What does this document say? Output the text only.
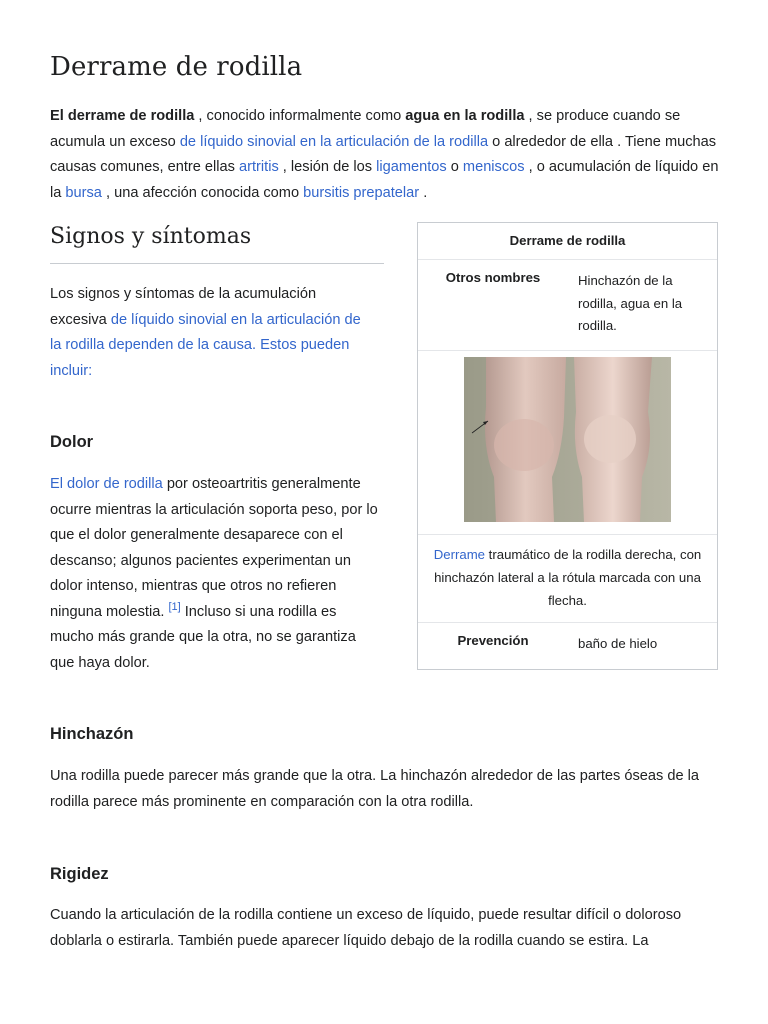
Derrame de rodilla

El derrame de rodilla , conocido informalmente como agua en la rodilla , se produce cuando se acumula un exceso de líquido sinovial en la articulación de la rodilla o alrededor de ella . Tiene muchas causas comunes, entre ellas artritis , lesión de los ligamentos o meniscos , o acumulación de líquido en la bursa , una afección conocida como bursitis prepatelar .

Signos y síntomas

Los signos y síntomas de la acumulación excesiva de líquido sinovial en la articulación de la rodilla dependen de la causa. Estos pueden incluir:

Dolor

El dolor de rodilla por osteoartritis generalmente ocurre mientras la articulación soporta peso, por lo que el dolor generalmente desaparece con el descanso; algunos pacientes experimentan un dolor intenso, mientras que otros no refieren ninguna molestia. [1] Incluso si una rodilla es mucho más grande que la otra, no se garantiza que haya dolor.

Hinchazón

Una rodilla puede parecer más grande que la otra. La hinchazón alrededor de las partes óseas de la rodilla parece más prominente en comparación con la otra rodilla.

Rigidez

Cuando la articulación de la rodilla contiene un exceso de líquido, puede resultar difícil o doloroso doblarla o estirarla. También puede aparecer líquido debajo de la rodilla cuando se estira. La

Derrame de rodilla
Otros nombres	Hinchazón de la rodilla, agua en la rodilla.
Derrame traumático de la rodilla derecha, con hinchazón lateral a la rótula marcada con una flecha.
Prevención	baño de hielo
